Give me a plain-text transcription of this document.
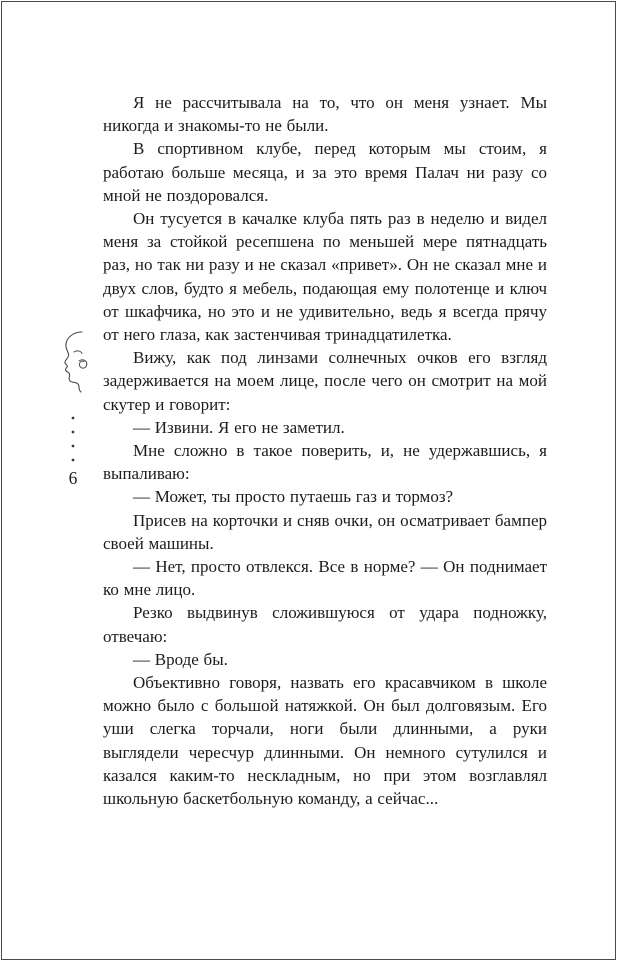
6

Я не рассчитывала на то, что он меня узнает. Мы никогда и знакомы-то не были.

В спортивном клубе, перед которым мы стоим, я работаю больше месяца, и за это время Палач ни разу со мной не поздоровался.

Он тусуется в качалке клуба пять раз в неделю и видел меня за стойкой ресепшена по меньшей мере пятнадцать раз, но так ни разу и не сказал «привет». Он не сказал мне и двух слов, будто я мебель, подающая ему полотенце и ключ от шкафчика, но это и не удивительно, ведь я всегда прячу от него глаза, как застенчивая тринадцатилетка.

Вижу, как под линзами солнечных очков его взгляд задерживается на моем лице, после чего он смотрит на мой скутер и говорит:

— Извини. Я его не заметил.

Мне сложно в такое поверить, и, не удержавшись, я выпаливаю:

— Может, ты просто путаешь газ и тормоз?

Присев на корточки и сняв очки, он осматривает бампер своей машины.

— Нет, просто отвлекся. Все в норме? — Он поднимает ко мне лицо.

Резко выдвинув сложившуюся от удара подножку, отвечаю:

— Вроде бы.

Объективно говоря, назвать его красавчиком в школе можно было с большой натяжкой. Он был долговязым. Его уши слегка торчали, ноги были длинными, а руки выглядели чересчур длинными. Он немного сутулился и казался каким-то нескладным, но при этом возглавлял школьную баскетбольную команду, а сейчас...
